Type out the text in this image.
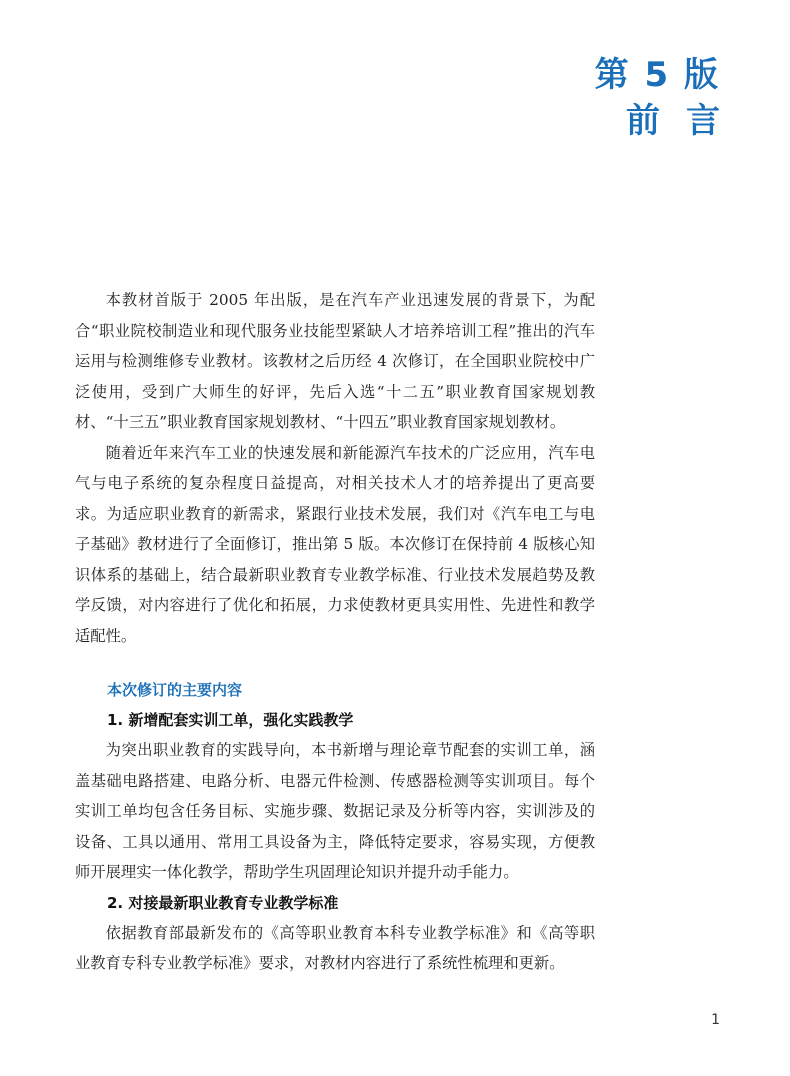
第 5 版
前言

本教材首版于 2005 年出版，是在汽车产业迅速发展的背景下，为配合“职业院校制造业和现代服务业技能型紧缺人才培养培训工程”推出的汽车运用与检测维修专业教材。该教材之后历经 4 次修订，在全国职业院校中广泛使用，受到广大师生的好评，先后入选“十二五”职业教育国家规划教材、“十三五”职业教育国家规划教材、“十四五”职业教育国家规划教材。

随着近年来汽车工业的快速发展和新能源汽车技术的广泛应用，汽车电气与电子系统的复杂程度日益提高，对相关技术人才的培养提出了更高要求。为适应职业教育的新需求，紧跟行业技术发展，我们对《汽车电工与电子基础》教材进行了全面修订，推出第 5 版。本次修订在保持前 4 版核心知识体系的基础上，结合最新职业教育专业教学标准、行业技术发展趋势及教学反馈，对内容进行了优化和拓展，力求使教材更具实用性、先进性和教学适配性。

本次修订的主要内容
1. 新增配套实训工单，强化实践教学

为突出职业教育的实践导向，本书新增与理论章节配套的实训工单，涵盖基础电路搭建、电路分析、电器元件检测、传感器检测等实训项目。每个实训工单均包含任务目标、实施步骤、数据记录及分析等内容，实训涉及的设备、工具以通用、常用工具设备为主，降低特定要求，容易实现，方便教师开展理实一体化教学，帮助学生巩固理论知识并提升动手能力。

2. 对接最新职业教育专业教学标准

依据教育部最新发布的《高等职业教育本科专业教学标准》和《高等职业教育专科专业教学标准》要求，对教材内容进行了系统性梳理和更新。

1
